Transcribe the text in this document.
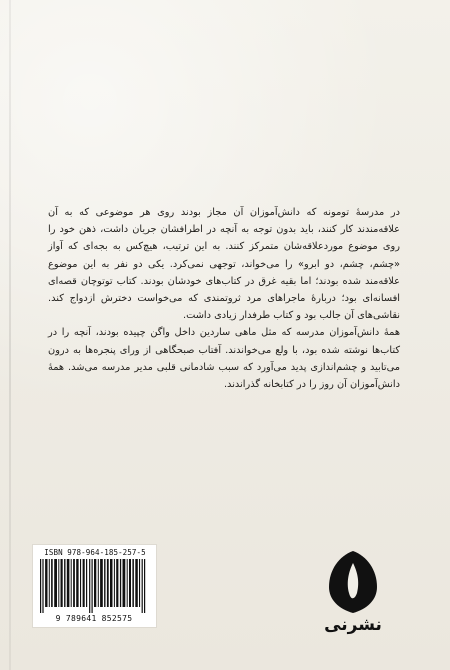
در مدرسهٔ تومونه که دانش‌آموزان آن مجاز بودند روی هر موضوعی که به آن علاقه‌مندند کار کنند، باید بدون توجه به آنچه در اطرافشان جریان داشت، ذهن خود را روی موضوع موردعلاقه‌شان متمرکز کنند. به این ترتیب، هیچ‌کس به بجه‌ای که آواز «چشم، چشم، دو ابرو» را می‌خواند، توجهی نمی‌کرد. یکی دو نفر به این موضوع علاقه‌مند شده بودند؛ اما بقیه غرق در کتاب‌های خودشان بودند. کتاب توتوچان قصه‌ای افسانه‌ای بود؛ دربارهٔ ماجراهای مرد ثروتمندی که می‌خواست دخترش ازدواج کند. نقاشی‌های آن جالب بود و کتاب طرفدار زیادی داشت.

همهٔ دانش‌آموزان مدرسه که مثل ماهی ساردین داخل واگن چپیده بودند، آنچه را در کتاب‌ها نوشته شده بود، با ولع می‌خواندند. آفتاب صبحگاهی از ورای پنجره‌ها به درون می‌تابید و چشم‌اندازی پدید می‌آورد که سبب شادمانی قلبی مدیر مدرسه می‌شد. همهٔ دانش‌آموزان آن روز را در کتابخانه گذراندند.

ISBN 978-964-185-257-5
9 789641 852575	نشرنی
